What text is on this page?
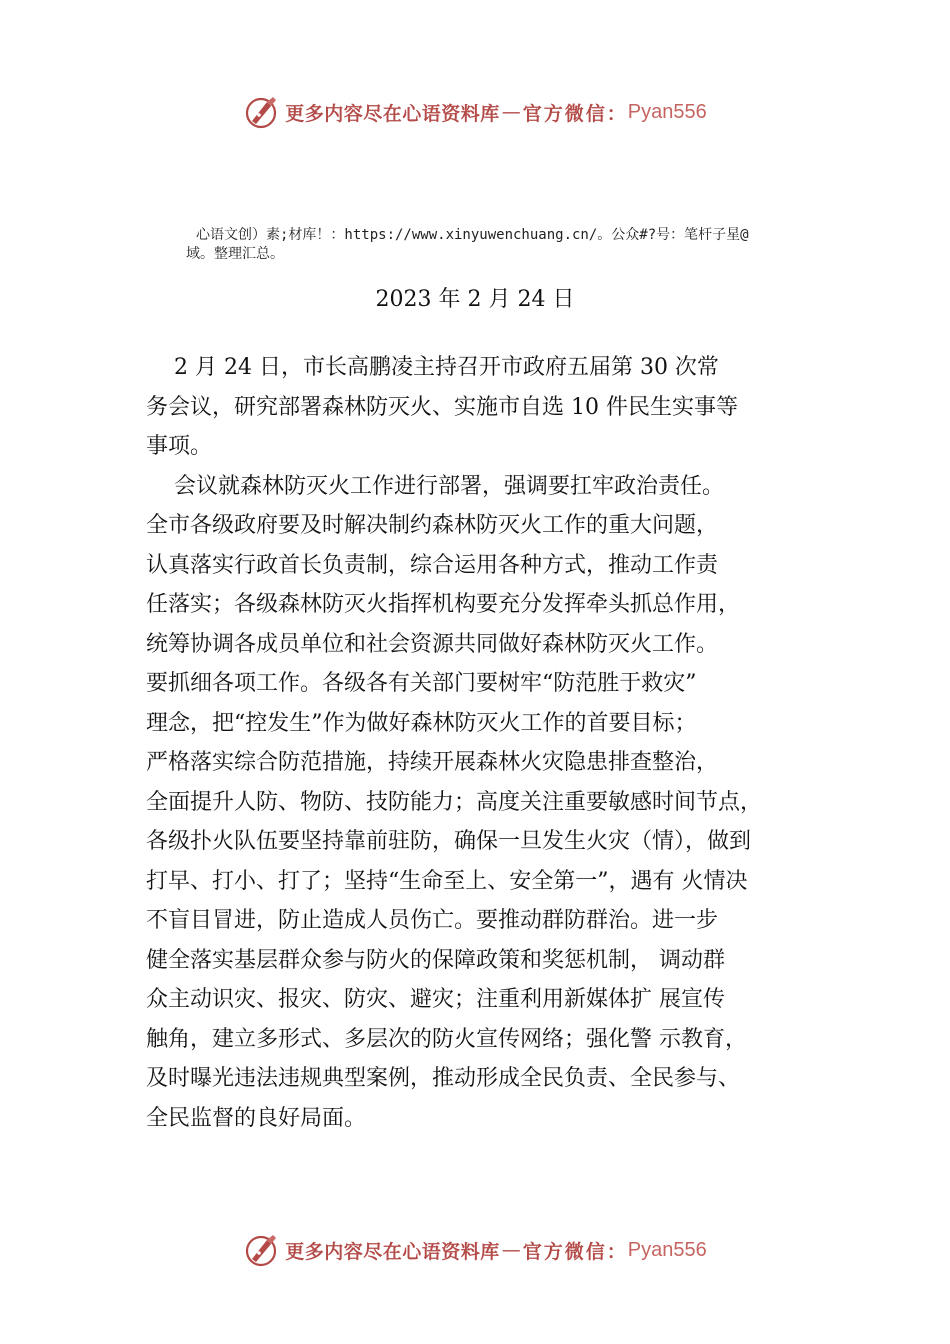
更多内容尽在心语资料库 — 官方微信： Pyan556
心语文创）素;材库！：https://www.xinyuwenchuang.cn/。公众#?号：笔杆子星@
域。整理汇总。
2023 年 2 月 24 日

2 月 24 日，市长高鹏凌主持召开市政府五届第 30 次常

务会议，研究部署森林防灭火、实施市自选 10 件民生实事等

事项。

会议就森林防灭火工作进行部署，强调要扛牢政治责任。

全市各级政府要及时解决制约森林防灭火工作的重大问题，

认真落实行政首长负责制，综合运用各种方式，推动工作责

任落实；各级森林防灭火指挥机构要充分发挥牵头抓总作用，

统筹协调各成员单位和社会资源共同做好森林防灭火工作。

要抓细各项工作。各级各有关部门要树牢“防范胜于救灾”

理念，把“控发生”作为做好森林防灭火工作的首要目标；

严格落实综合防范措施，持续开展森林火灾隐患排查整治，

全面提升人防、物防、技防能力；高度关注重要敏感时间节点，

各级扑火队伍要坚持靠前驻防，确保一旦发生火灾（情），做到

打早、打小、打了；坚持“生命至上、安全第一”，遇有 火情决

不盲目冒进，防止造成人员伤亡。要推动群防群治。进一步

健全落实基层群众参与防火的保障政策和奖惩机制， 调动群

众主动识灾、报灾、防灾、避灾；注重利用新媒体扩 展宣传

触角，建立多形式、多层次的防火宣传网络；强化警 示教育，

及时曝光违法违规典型案例，推动形成全民负责、全民参与、

全民监督的良好局面。

更多内容尽在心语资料库 — 官方微信： Pyan556
